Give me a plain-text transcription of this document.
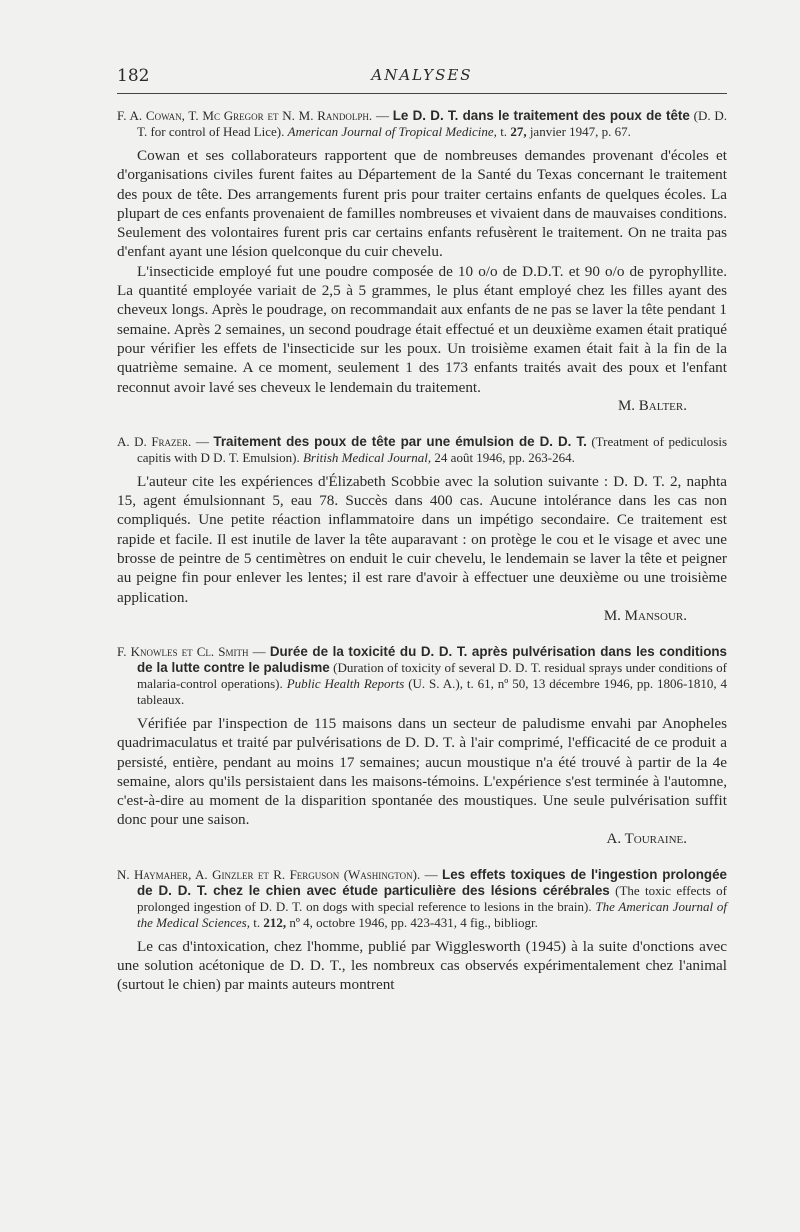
182	ANALYSES

F. A. Cowan, T. Mc Gregor et N. M. Randolph. — Le D. D. T. dans le traitement des poux de tête (D. D. T. for control of Head Lice). American Journal of Tropical Medicine, t. 27, janvier 1947, p. 67.

Cowan et ses collaborateurs rapportent que de nombreuses demandes provenant d'écoles et d'organisations civiles furent faites au Département de la Santé du Texas concernant le traitement des poux de tête. Des arrangements furent pris pour traiter certains enfants de quelques écoles. La plupart de ces enfants provenaient de familles nombreuses et vivaient dans de mauvaises conditions. Seulement des volontaires furent pris car certains enfants refusèrent le traitement. On ne traita pas d'enfant ayant une lésion quelconque du cuir chevelu.

L'insecticide employé fut une poudre composée de 10 o/o de D.D.T. et 90 o/o de pyrophyllite. La quantité employée variait de 2,5 à 5 grammes, le plus étant employé chez les filles ayant des cheveux longs. Après le poudrage, on recommandait aux enfants de ne pas se laver la tête pendant 1 semaine. Après 2 semaines, un second poudrage était effectué et un deuxième examen était pratiqué pour vérifier les effets de l'insecticide sur les poux. Un troisième examen était fait à la fin de la quatrième semaine. A ce moment, seulement 1 des 173 enfants traités avait des poux et l'enfant reconnut avoir lavé ses cheveux le lendemain du traitement.

M. Balter.

A. D. Frazer. — Traitement des poux de tête par une émulsion de D. D. T. (Treatment of pediculosis capitis with D D. T. Emulsion). British Medical Journal, 24 août 1946, pp. 263-264.

L'auteur cite les expériences d'Élizabeth Scobbie avec la solution suivante : D. D. T. 2, naphta 15, agent émulsionnant 5, eau 78. Succès dans 400 cas. Aucune intolérance dans les cas non compliqués. Une petite réaction inflammatoire dans un impétigo secondaire. Ce traitement est rapide et facile. Il est inutile de laver la tête auparavant : on protège le cou et le visage et avec une brosse de peintre de 5 centimètres on enduit le cuir chevelu, le lendemain se laver la tête et peigner au peigne fin pour enlever les lentes; il est rare d'avoir à effectuer une deuxième ou une troisième application.

M. Mansour.

F. Knowles et Cl. Smith — Durée de la toxicité du D. D. T. après pulvérisation dans les conditions de la lutte contre le paludisme (Duration of toxicity of several D. D. T. residual sprays under conditions of malaria-control operations). Public Health Reports (U. S. A.), t. 61, nº 50, 13 décembre 1946, pp. 1806-1810, 4 tableaux.

Vérifiée par l'inspection de 115 maisons dans un secteur de paludisme envahi par Anopheles quadrimaculatus et traité par pulvérisations de D. D. T. à l'air comprimé, l'efficacité de ce produit a persisté, entière, pendant au moins 17 semaines; aucun moustique n'a été trouvé à partir de la 4e semaine, alors qu'ils persistaient dans les maisons-témoins. L'expérience s'est terminée à l'automne, c'est-à-dire au moment de la disparition spontanée des moustiques. Une seule pulvérisation suffit donc pour une saison.

A. Touraine.

N. Haymaher, A. Ginzler et R. Ferguson (Washington). — Les effets toxiques de l'ingestion prolongée de D. D. T. chez le chien avec étude particulière des lésions cérébrales (The toxic effects of prolonged ingestion of D. D. T. on dogs with special reference to lesions in the brain). The American Journal of the Medical Sciences, t. 212, nº 4, octobre 1946, pp. 423-431, 4 fig., bibliogr.

Le cas d'intoxication, chez l'homme, publié par Wigglesworth (1945) à la suite d'onctions avec une solution acétonique de D. D. T., les nombreux cas observés expérimentalement chez l'animal (surtout le chien) par maints auteurs montrent
